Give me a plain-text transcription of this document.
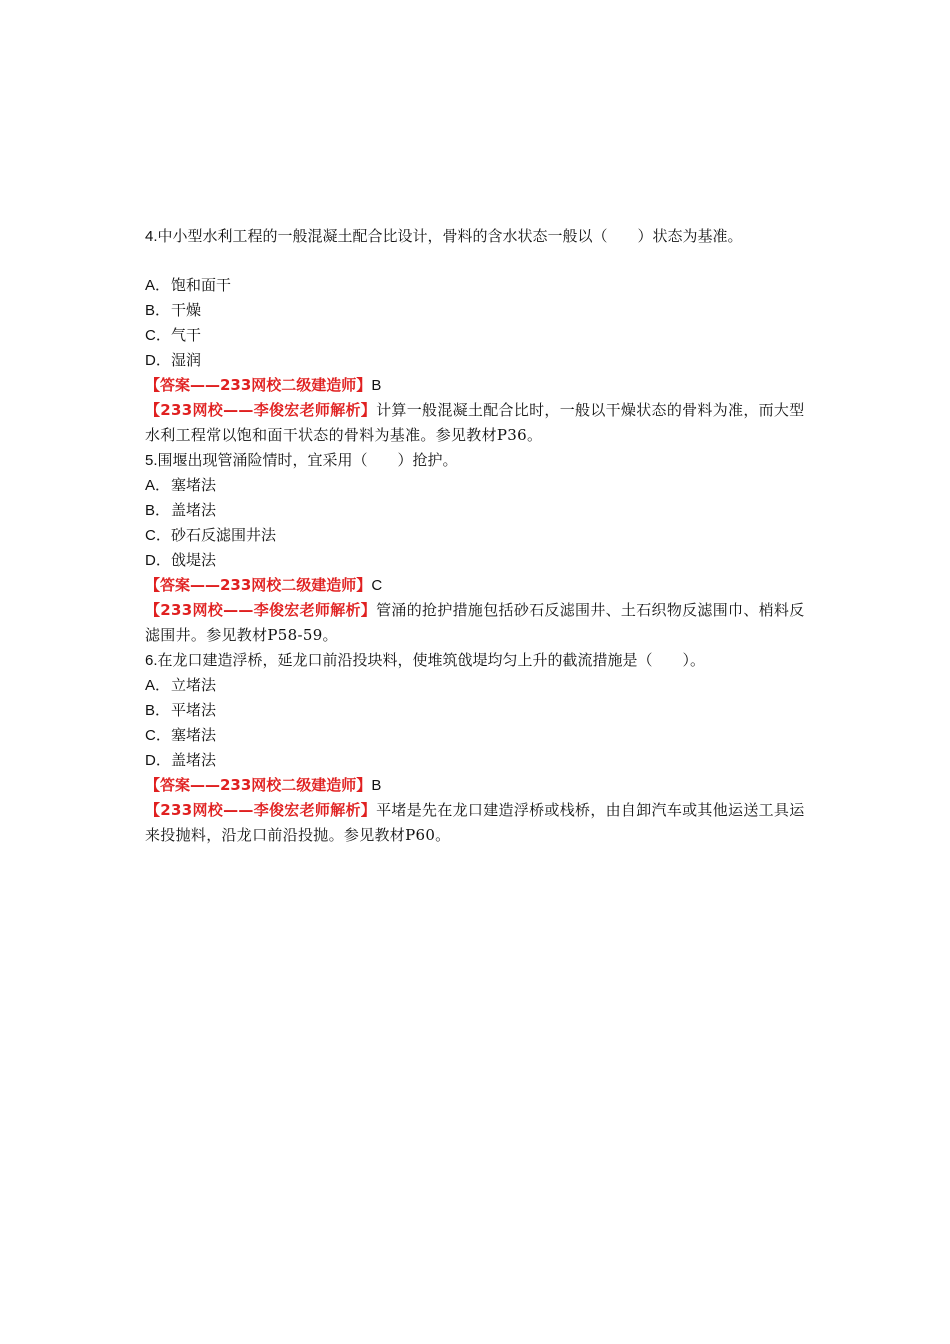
4.中小型水利工程的一般混凝土配合比设计，骨料的含水状态一般以（　　）状态为基准。
A．饱和面干
B．干燥
C．气干
D．湿润
【答案——233网校二级建造师】B
【233网校——李俊宏老师解析】计算一般混凝土配合比时，一般以干燥状态的骨料为准，而大型水利工程常以饱和面干状态的骨料为基准。参见教材P36。
5.围堰出现管涌险情时，宜采用（　　）抢护。
A．塞堵法
B．盖堵法
C．砂石反滤围井法
D．戗堤法
【答案——233网校二级建造师】C
【233网校——李俊宏老师解析】管涌的抢护措施包括砂石反滤围井、土石织物反滤围巾、梢料反滤围井。参见教材P58-59。
6.在龙口建造浮桥，延龙口前沿投块料，使堆筑戗堤均匀上升的截流措施是（　　）。
A．立堵法
B．平堵法
C．塞堵法
D．盖堵法
【答案——233网校二级建造师】B
【233网校——李俊宏老师解析】平堵是先在龙口建造浮桥或栈桥，由自卸汽车或其他运送工具运来投抛料，沿龙口前沿投抛。参见教材P60。
